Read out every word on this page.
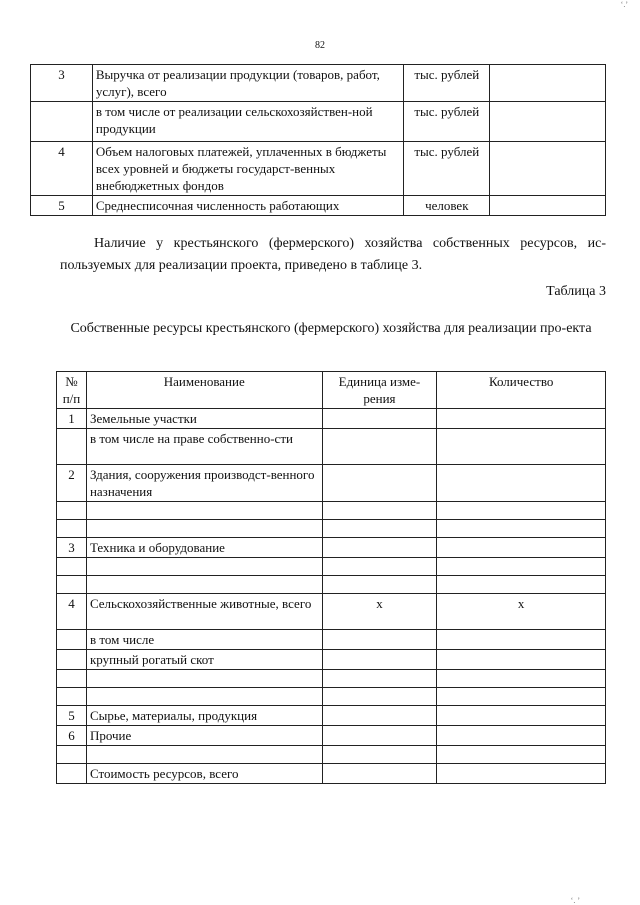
‘.’
82
3	Выручка от реализации продукции (товаров, работ, услуг), всего	тыс. рублей	
	в том числе от реализации сельскохозяйствен-ной продукции	тыс. рублей	
4	Объем налоговых платежей, уплаченных в бюджеты всех уровней и бюджеты государст-венных внебюджетных фондов	тыс. рублей	
5	Среднесписочная численность работающих	человек	
Наличие у крестьянского (фермерского) хозяйства собственных ресурсов, ис-пользуемых для реализации проекта, приведено в таблице 3.
Таблица 3
Собственные ресурсы крестьянского (фермерского) хозяйства для реализации про-екта
№ п/п	Наименование	Единица изме-рения	Количество
1	Земельные участки		
	в том числе на праве собственно-сти		
2	Здания, сооружения производст-венного назначения		

3	Техника и оборудование		

4	Сельскохозяйственные животные, всего	х	х
	в том числе		
	крупный рогатый скот		

5	Сырье, материалы, продукция		
6	Прочие		

	Стоимость ресурсов, всего		
‘. ’
